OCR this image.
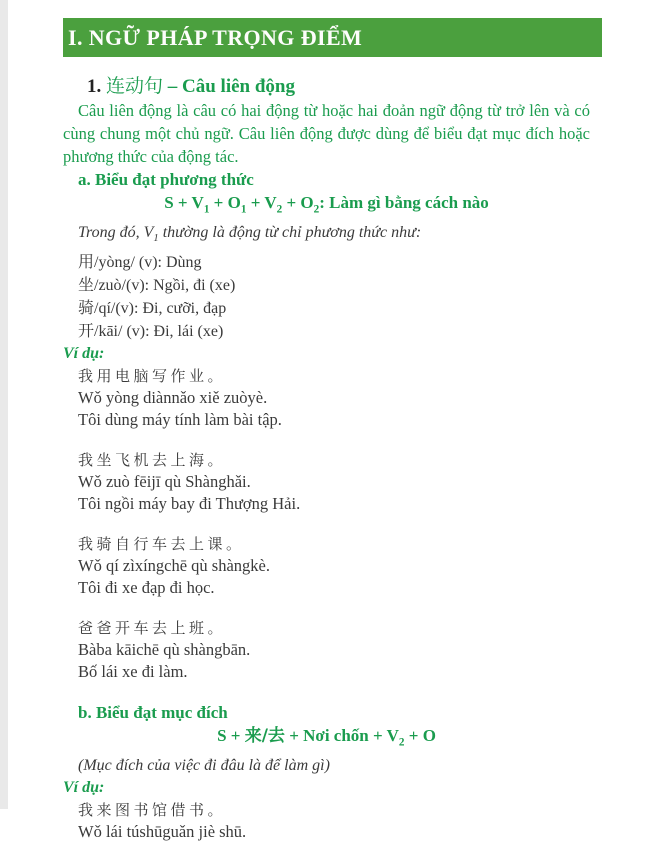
I. NGỮ PHÁP TRỌNG ĐIỂM
1. 连动句 – Câu liên động

Câu liên động là câu có hai động từ hoặc hai đoản ngữ động từ trở lên và có cùng chung một chủ ngữ. Câu liên động được dùng để biểu đạt mục đích hoặc phương thức của động tác.

a. Biểu đạt phương thức
$S + V_1 + O_1 + V_2 + O_2$: Làm gì bằng cách nào
Trong đó, $V_1$ thường là động từ chỉ phương thức như:
用/yòng/ (v): Dùng
坐/zuò/(v): Ngồi, đi (xe)
骑/qí/(v): Đi, cưỡi, đạp
开/kāi/ (v): Đi, lái (xe)
Ví dụ:
我用电脑写作业。
Wǒ yòng diànnǎo xiě zuòyè.
Tôi dùng máy tính làm bài tập.
我坐飞机去上海。
Wǒ zuò fēijī qù Shànghǎi.
Tôi ngồi máy bay đi Thượng Hải.
我骑自行车去上课。
Wǒ qí zìxíngchē qù shàngkè.
Tôi đi xe đạp đi học.
爸爸开车去上班。
Bàba kāichē qù shàngbān.
Bố lái xe đi làm.
b. Biểu đạt mục đích
S + 来/去 + Nơi chốn + $V_2 + O$
(Mục đích của việc đi đâu là để làm gì)
Ví dụ:
我来图书馆借书。
Wǒ lái túshūguǎn jiè shū.
